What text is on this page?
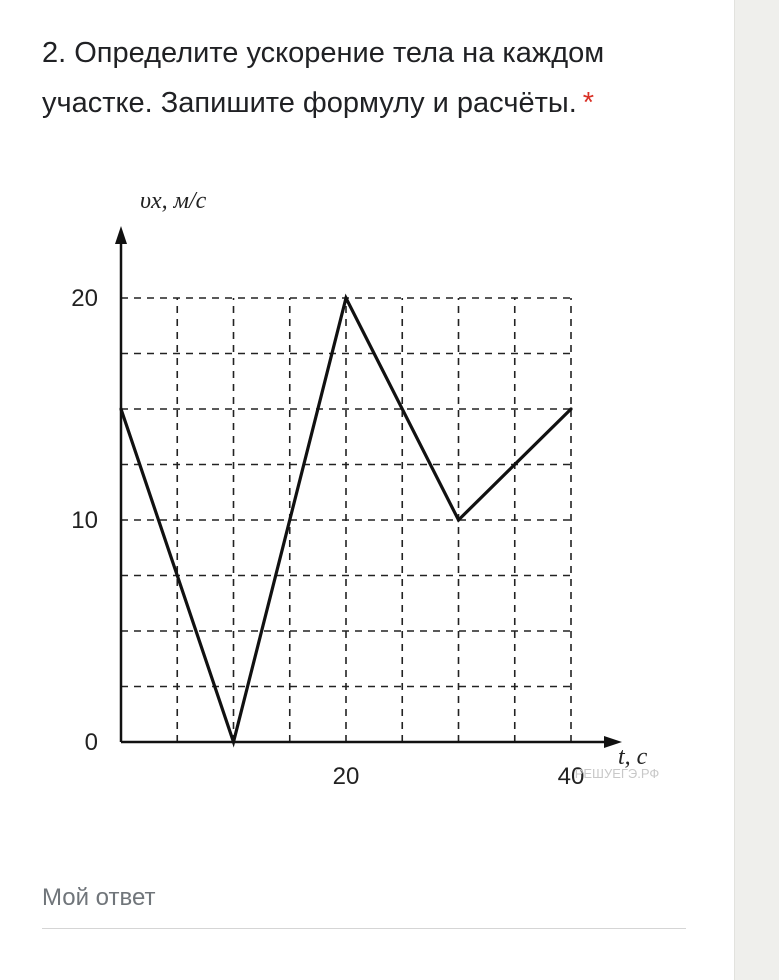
2. Определите ускорение тела на каждом участке. Запишите формулу и расчёты. *
0
10
20
20	40
РЕШУЕГЭ.РФ
υx, м/с
t, c
Мой ответ
